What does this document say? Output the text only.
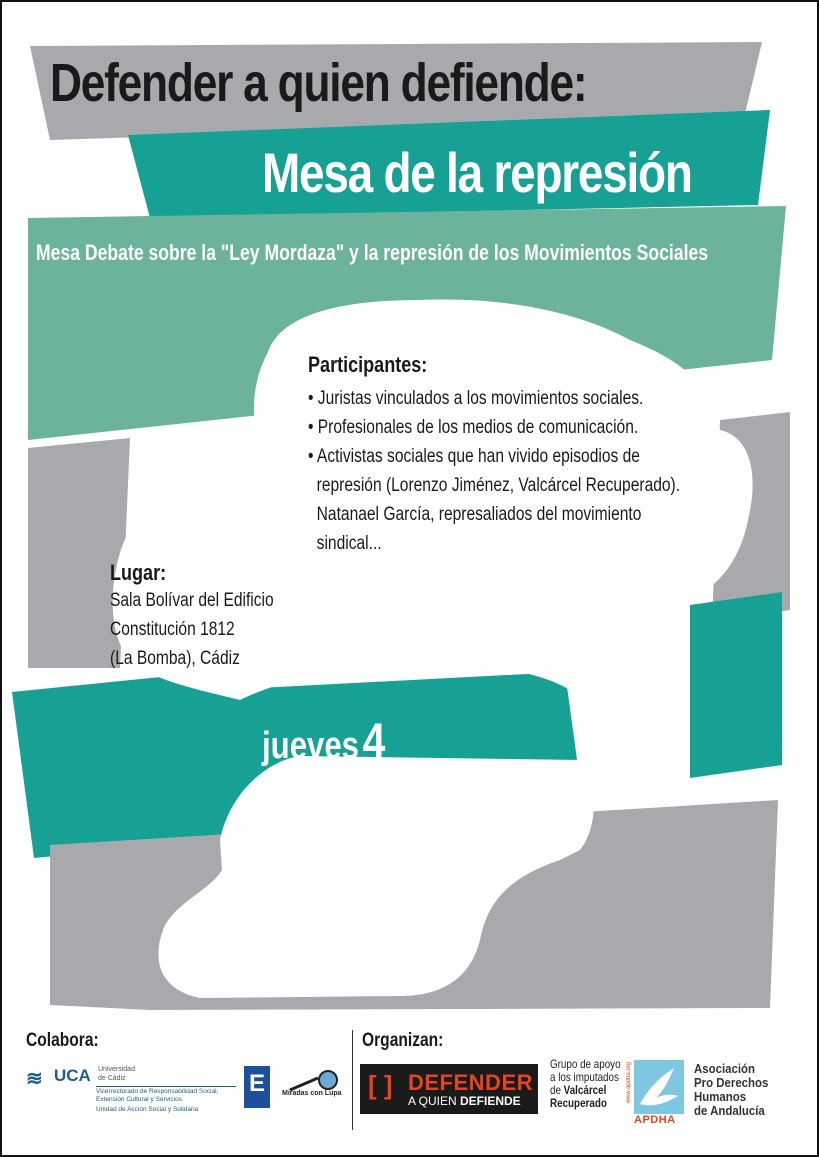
Defender a quien defiende:
Mesa de la represión

Mesa Debate sobre la "Ley Mordaza" y la represión de los Movimientos Sociales

Participantes:

• Juristas vinculados a los movimientos sociales.
• Profesionales de los medios de comunicación.
• Activistas sociales que han vivido episodios de
represión (Lorenzo Jiménez, Valcárcel Recuperado).
Natanael García, represaliados del movimiento
sindical...

Lugar:

Sala Bolívar del Edificio
Constitución 1812
(La Bomba), Cádiz
jueves 4
de junio
a partir de las
18:30 horas

Colabora:	Organizan:

≋ UCA Universidad
de Cádiz
Vicerrectorado de Responsabilidad Social,
Extensión Cultural y Servicios
Unidad de Acción Social y Solidaria
E Miradas con Lupa [ ] DEFENDER
A QUIEN DEFIENDE
Grupo de apoyo
a los imputados
de Valcárcel
Recuperado	www.apdha.org
APDHA
Asociación
Pro Derechos
Humanos
de Andalucía
